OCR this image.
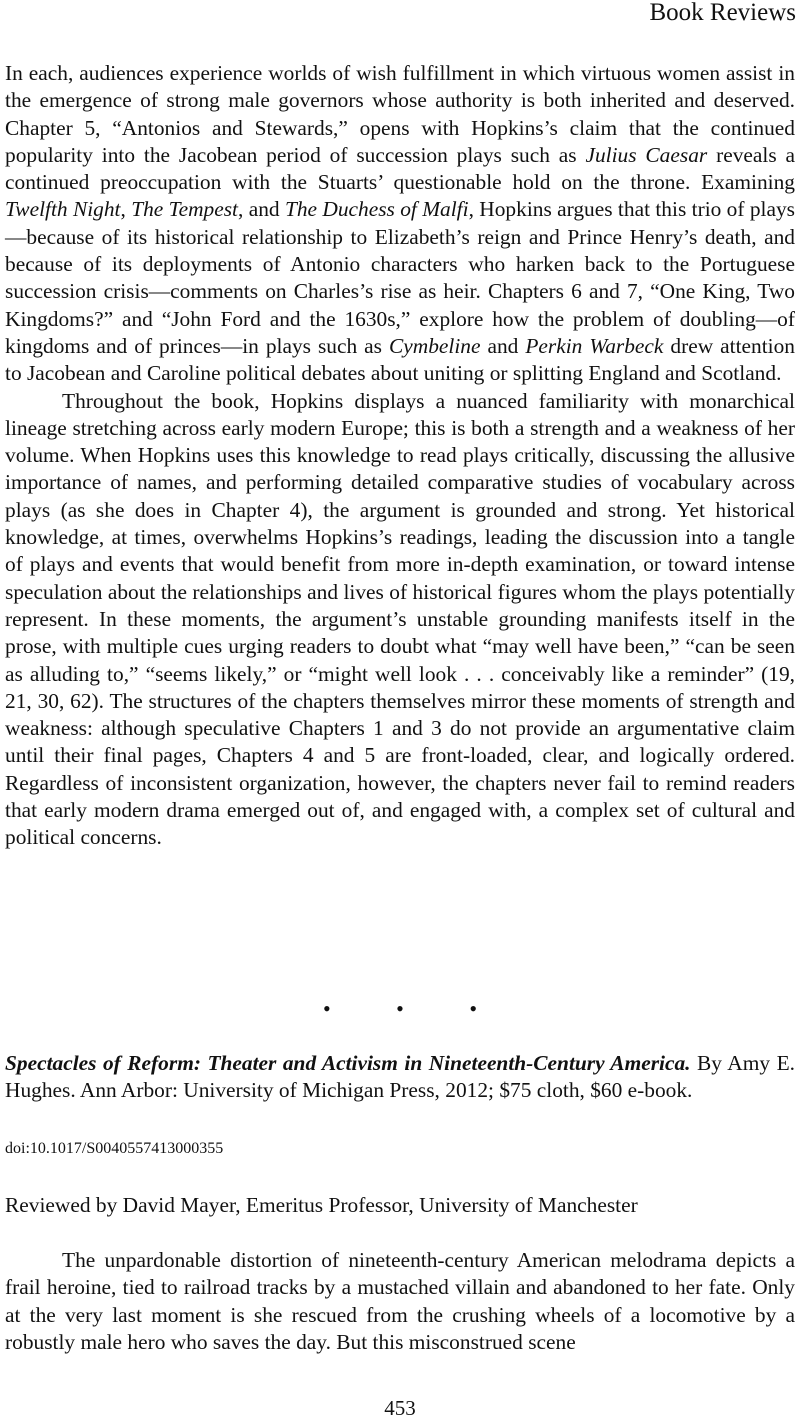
Book Reviews

In each, audiences experience worlds of wish fulfillment in which virtuous women assist in the emergence of strong male governors whose authority is both inherited and deserved. Chapter 5, “Antonios and Stewards,” opens with Hopkins’s claim that the continued popularity into the Jacobean period of succession plays such as Julius Caesar reveals a continued preoccupation with the Stuarts’ questionable hold on the throne. Examining Twelfth Night, The Tempest, and The Duchess of Malfi, Hopkins argues that this trio of plays—because of its historical relationship to Elizabeth’s reign and Prince Henry’s death, and because of its deployments of Antonio characters who harken back to the Portuguese succession crisis—comments on Charles’s rise as heir. Chapters 6 and 7, “One King, Two Kingdoms?” and “John Ford and the 1630s,” explore how the problem of doubling—of kingdoms and of princes—in plays such as Cymbeline and Perkin Warbeck drew attention to Jacobean and Caroline political debates about uniting or splitting England and Scotland.

Throughout the book, Hopkins displays a nuanced familiarity with monarchical lineage stretching across early modern Europe; this is both a strength and a weakness of her volume. When Hopkins uses this knowledge to read plays critically, discussing the allusive importance of names, and performing detailed comparative studies of vocabulary across plays (as she does in Chapter 4), the argument is grounded and strong. Yet historical knowledge, at times, overwhelms Hopkins’s readings, leading the discussion into a tangle of plays and events that would benefit from more in-depth examination, or toward intense speculation about the relationships and lives of historical figures whom the plays potentially represent. In these moments, the argument’s unstable grounding manifests itself in the prose, with multiple cues urging readers to doubt what “may well have been,” “can be seen as alluding to,” “seems likely,” or “might well look . . . conceivably like a reminder” (19, 21, 30, 62). The structures of the chapters themselves mirror these moments of strength and weakness: although speculative Chapters 1 and 3 do not provide an argumentative claim until their final pages, Chapters 4 and 5 are front-loaded, clear, and logically ordered. Regardless of inconsistent organization, however, the chapters never fail to remind readers that early modern drama emerged out of, and engaged with, a complex set of cultural and political concerns.

• • •

Spectacles of Reform: Theater and Activism in Nineteenth-Century America. By Amy E. Hughes. Ann Arbor: University of Michigan Press, 2012; $75 cloth, $60 e-book.

doi:10.1017/S0040557413000355
Reviewed by David Mayer, Emeritus Professor, University of Manchester

The unpardonable distortion of nineteenth-century American melodrama depicts a frail heroine, tied to railroad tracks by a mustached villain and abandoned to her fate. Only at the very last moment is she rescued from the crushing wheels of a locomotive by a robustly male hero who saves the day. But this misconstrued scene

453
